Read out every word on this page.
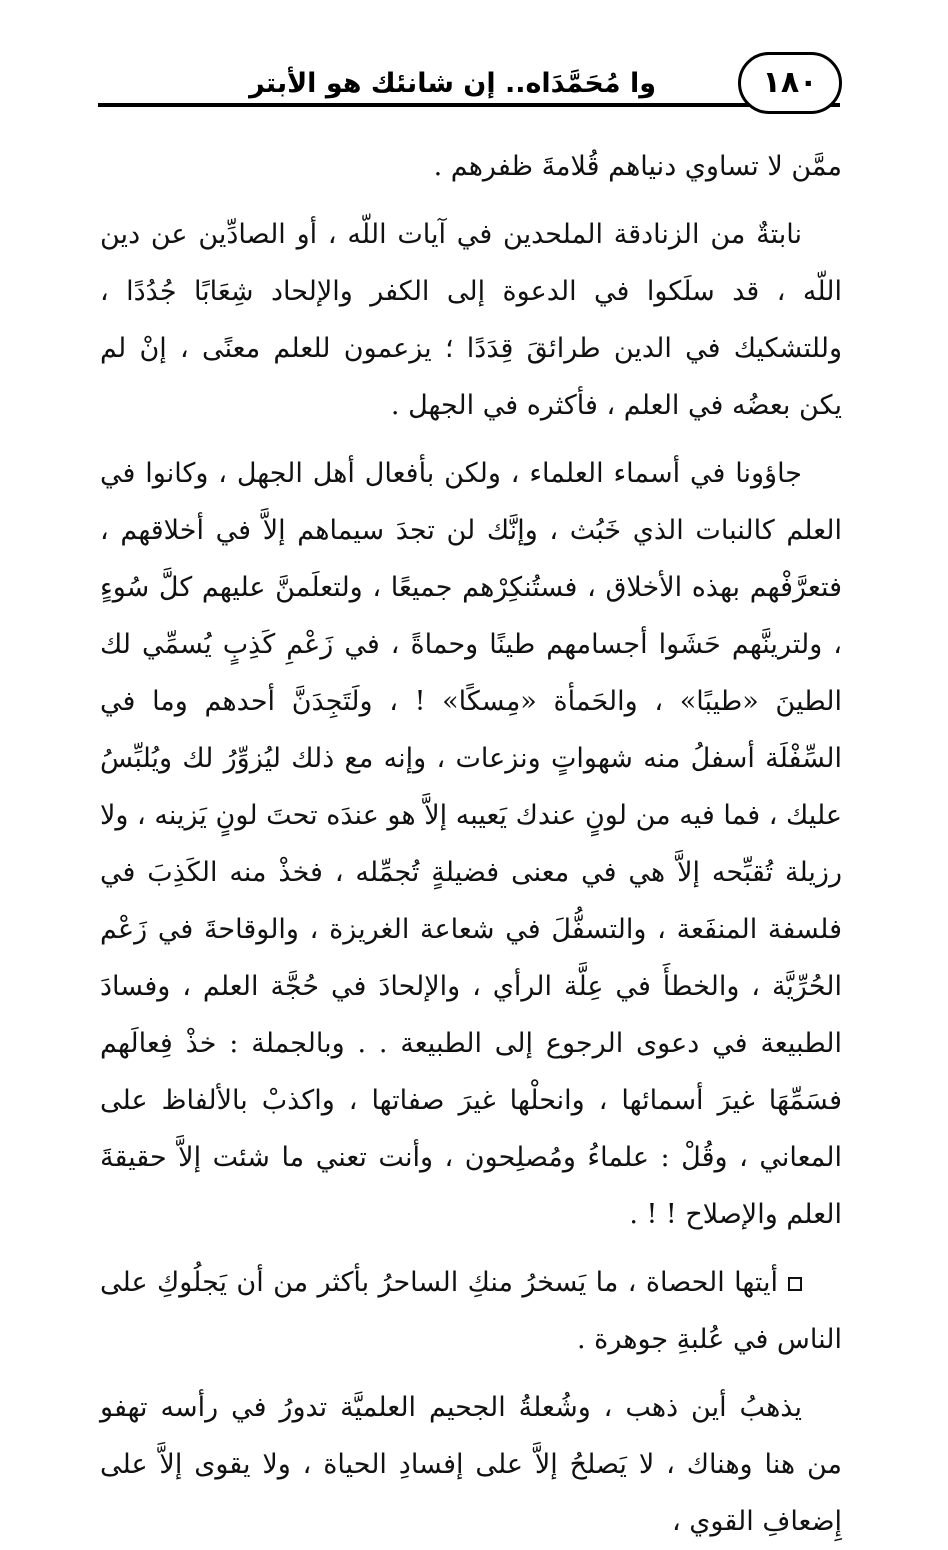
١٨٠
وا مُحَمَّدَاه.. إن شانئك هو الأبتر

ممَّن لا تساوي دنياهم قُلامةَ ظفرهم .

نابتةٌ من الزنادقة الملحدين في آيات اللّه ، أو الصادِّين عن دين اللّه ، قد سلَكوا في الدعوة إلى الكفر والإلحاد شِعَابًا جُدُدًا ، وللتشكيك في الدين طرائقَ قِدَدًا ؛ يزعمون للعلم معنًى ، إنْ لم يكن بعضُه في العلم ، فأكثره في الجهل .

جاؤونا في أسماء العلماء ، ولكن بأفعال أهل الجهل ، وكانوا في العلم كالنبات الذي خَبُث ، وإنَّك لن تجدَ سيماهم إلاَّ في أخلاقهم ، فتعرَّفْهم بهذه الأخلاق ، فستُنكِرْهم جميعًا ، ولتعلَمنَّ عليهم كلَّ سُوءٍ ، ولترينَّهم حَشَوا أجسامهم طينًا وحماةً ، في زَعْمِ كَذِبٍ يُسمِّي لك الطينَ «طيبًا» ، والحَمأة «مِسكًا» ! ، ولَتَجِدَنَّ أحدهم وما في السِّفْلَة أسفلُ منه شهواتٍ ونزعات ، وإنه مع ذلك ليُزوِّرُ لك ويُلبِّسُ عليك ، فما فيه من لونٍ عندك يَعيبه إلاَّ هو عندَه تحتَ لونٍ يَزينه ، ولا رزيلة تُقبِّحه إلاَّ هي في معنى فضيلةٍ تُجمِّله ، فخذْ منه الكَذِبَ في فلسفة المنفَعة ، والتسفُّلَ في شعاعة الغريزة ، والوقاحةَ في زَعْم الحُرِّيَّة ، والخطأَ في عِلَّة الرأي ، والإلحادَ في حُجَّة العلم ، وفسادَ الطبيعة في دعوى الرجوع إلى الطبيعة . . وبالجملة : خذْ فِعالَهم فسَمِّهَا غيرَ أسمائها ، وانحلْها غيرَ صفاتها ، واكذبْ بالألفاظ على المعاني ، وقُلْ : علماءُ ومُصلِحون ، وأنت تعني ما شئت إلاَّ حقيقةَ العلم والإصلاح ! ! .

أيتها الحصاة ، ما يَسخرُ منكِ الساحرُ بأكثر من أن يَجلُوكِ على الناس في عُلبةِ جوهرة .

يذهبُ أين ذهب ، وشُعلةُ الجحيم العلميَّة تدورُ في رأسه تهفو من هنا وهناك ، لا يَصلحُ إلاَّ على إفسادِ الحياة ، ولا يقوى إلاَّ على إِضعافِ القوي ،
